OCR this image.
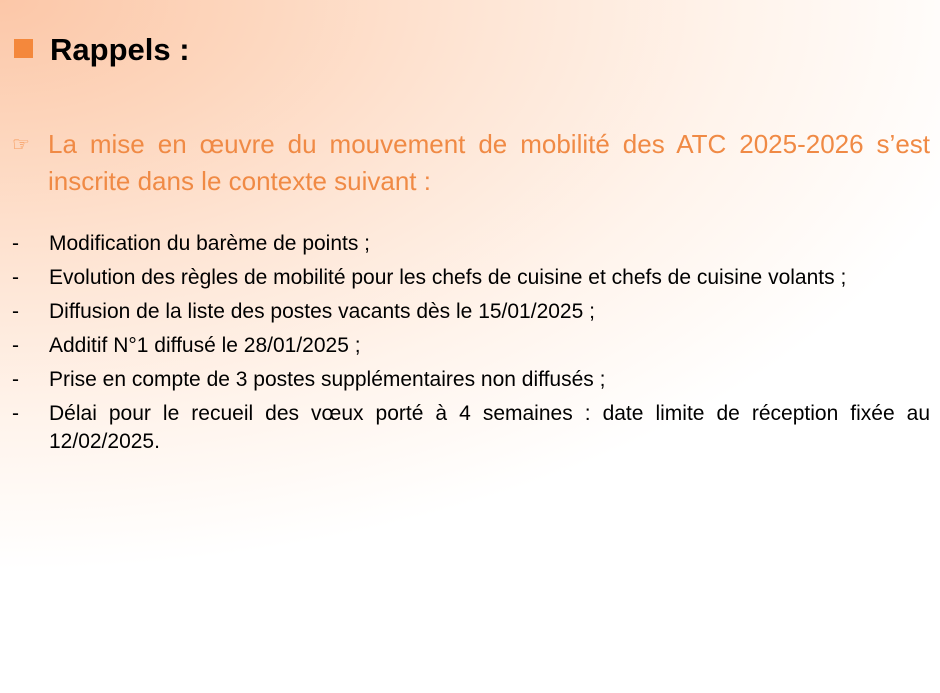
Rappels :
☞ La mise en œuvre du mouvement de mobilité des ATC 2025-2026 s’est inscrite dans le contexte suivant :
-	Modification du barème de points ;
-	Evolution des règles de mobilité pour les chefs de cuisine et chefs de cuisine volants ;
-	Diffusion de la liste des postes vacants dès le 15/01/2025 ;
-	Additif N°1 diffusé le 28/01/2025 ;
-	Prise en compte de 3 postes supplémentaires non diffusés ;
-	Délai pour le recueil des vœux porté à 4 semaines : date limite de réception fixée au 12/02/2025.
